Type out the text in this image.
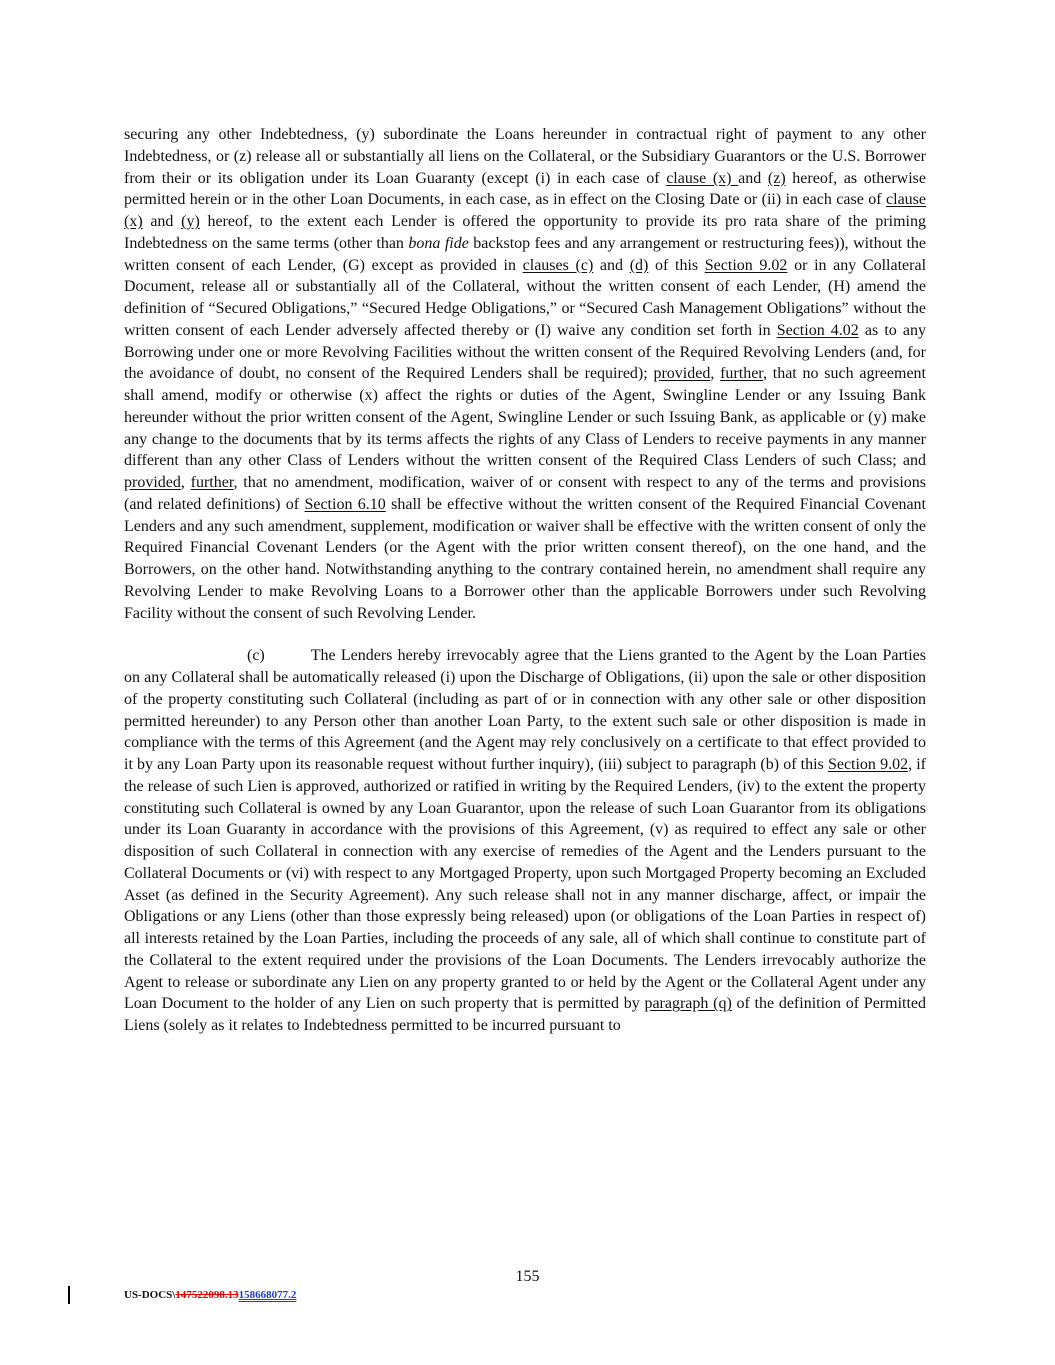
securing any other Indebtedness, (y) subordinate the Loans hereunder in contractual right of payment to any other Indebtedness, or (z) release all or substantially all liens on the Collateral, or the Subsidiary Guarantors or the U.S. Borrower from their or its obligation under its Loan Guaranty (except (i) in each case of clause (x) and (z) hereof, as otherwise permitted herein or in the other Loan Documents, in each case, as in effect on the Closing Date or (ii) in each case of clause (x) and (y) hereof, to the extent each Lender is offered the opportunity to provide its pro rata share of the priming Indebtedness on the same terms (other than bona fide backstop fees and any arrangement or restructuring fees)), without the written consent of each Lender, (G) except as provided in clauses (c) and (d) of this Section 9.02 or in any Collateral Document, release all or substantially all of the Collateral, without the written consent of each Lender, (H) amend the definition of “Secured Obligations,” “Secured Hedge Obligations,” or “Secured Cash Management Obligations” without the written consent of each Lender adversely affected thereby or (I) waive any condition set forth in Section 4.02 as to any Borrowing under one or more Revolving Facilities without the written consent of the Required Revolving Lenders (and, for the avoidance of doubt, no consent of the Required Lenders shall be required); provided, further, that no such agreement shall amend, modify or otherwise (x) affect the rights or duties of the Agent, Swingline Lender or any Issuing Bank hereunder without the prior written consent of the Agent, Swingline Lender or such Issuing Bank, as applicable or (y) make any change to the documents that by its terms affects the rights of any Class of Lenders to receive payments in any manner different than any other Class of Lenders without the written consent of the Required Class Lenders of such Class; and provided, further, that no amendment, modification, waiver of or consent with respect to any of the terms and provisions (and related definitions) of Section 6.10 shall be effective without the written consent of the Required Financial Covenant Lenders and any such amendment, supplement, modification or waiver shall be effective with the written consent of only the Required Financial Covenant Lenders (or the Agent with the prior written consent thereof), on the one hand, and the Borrowers, on the other hand. Notwithstanding anything to the contrary contained herein, no amendment shall require any Revolving Lender to make Revolving Loans to a Borrower other than the applicable Borrowers under such Revolving Facility without the consent of such Revolving Lender.

(c)	The Lenders hereby irrevocably agree that the Liens granted to the Agent by the Loan Parties on any Collateral shall be automatically released (i) upon the Discharge of Obligations, (ii) upon the sale or other disposition of the property constituting such Collateral (including as part of or in connection with any other sale or other disposition permitted hereunder) to any Person other than another Loan Party, to the extent such sale or other disposition is made in compliance with the terms of this Agreement (and the Agent may rely conclusively on a certificate to that effect provided to it by any Loan Party upon its reasonable request without further inquiry), (iii) subject to paragraph (b) of this Section 9.02, if the release of such Lien is approved, authorized or ratified in writing by the Required Lenders, (iv) to the extent the property constituting such Collateral is owned by any Loan Guarantor, upon the release of such Loan Guarantor from its obligations under its Loan Guaranty in accordance with the provisions of this Agreement, (v) as required to effect any sale or other disposition of such Collateral in connection with any exercise of remedies of the Agent and the Lenders pursuant to the Collateral Documents or (vi) with respect to any Mortgaged Property, upon such Mortgaged Property becoming an Excluded Asset (as defined in the Security Agreement). Any such release shall not in any manner discharge, affect, or impair the Obligations or any Liens (other than those expressly being released) upon (or obligations of the Loan Parties in respect of) all interests retained by the Loan Parties, including the proceeds of any sale, all of which shall continue to constitute part of the Collateral to the extent required under the provisions of the Loan Documents. The Lenders irrevocably authorize the Agent to release or subordinate any Lien on any property granted to or held by the Agent or the Collateral Agent under any Loan Document to the holder of any Lien on such property that is permitted by paragraph (q) of the definition of Permitted Liens (solely as it relates to Indebtedness permitted to be incurred pursuant to

155
US-DOCS\147522098.13158668077.2
